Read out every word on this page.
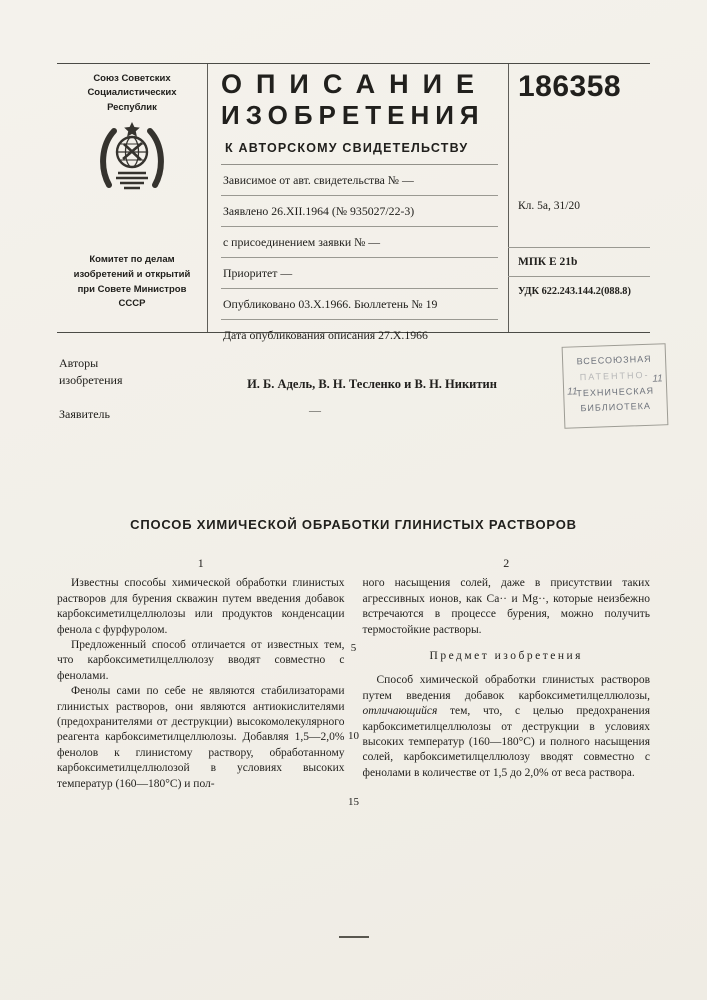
Союз Советских Социалистических Республик
Комитет по делам изобретений и открытий при Совете Министров СССР
ОПИСАНИЕ
ИЗОБРЕТЕНИЯ
К АВТОРСКОМУ СВИДЕТЕЛЬСТВУ
Зависимое от авт. свидетельства № —
Заявлено 26.XII.1964 (№ 935027/22-3)
с присоединением заявки № —
Приоритет —
Опубликовано 03.X.1966. Бюллетень № 19
Дата опубликования описания 27.X.1966
186358
Кл. 5а, 31/20
МПК E 21b
УДК 622.243.144.2(088.8)
Авторы изобретения	И. Б. Адель, В. Н. Тесленко и В. Н. Никитин
Заявитель	—
ВСЕСОЮЗНАЯ
ПАТЕНТНО-
ТЕХНИЧЕСКАЯ
БИБЛИОТЕКА
11
11
СПОСОБ ХИМИЧЕСКОЙ ОБРАБОТКИ ГЛИНИСТЫХ РАСТВОРОВ
5
10
15
1

Известны способы химической обработки глинистых растворов для бурения скважин путем введения добавок карбоксиметилцеллюлозы или продуктов конденсации фенола с фурфуролом.

Предложенный способ отличается от известных тем, что карбоксиметилцеллюлозу вводят совместно с фенолами.

Фенолы сами по себе не являются стабилизаторами глинистых растворов, они являются антиокислителями (предохранителями от деструкции) высокомолекулярного реагента карбоксиметилцеллюлозы. Добавляя 1,5—2,0% фенолов к глинистому раствору, обработанному карбоксиметилцеллюлозой в условиях высоких температур (160—180°С) и пол-

2

ного насыщения солей, даже в присутствии таких агрессивных ионов, как Ca·· и Mg··, которые неизбежно встречаются в процессе бурения, можно получить термостойкие растворы.

Предмет изобретения

Способ химической обработки глинистых растворов путем введения добавок карбоксиметилцеллюлозы, отличающийся тем, что, с целью предохранения карбоксиметилцеллюлозы от деструкции в условиях высоких температур (160—180°С) и полного насыщения солей, карбоксиметилцеллюлозу вводят совместно с фенолами в количестве от 1,5 до 2,0% от веса раствора.
